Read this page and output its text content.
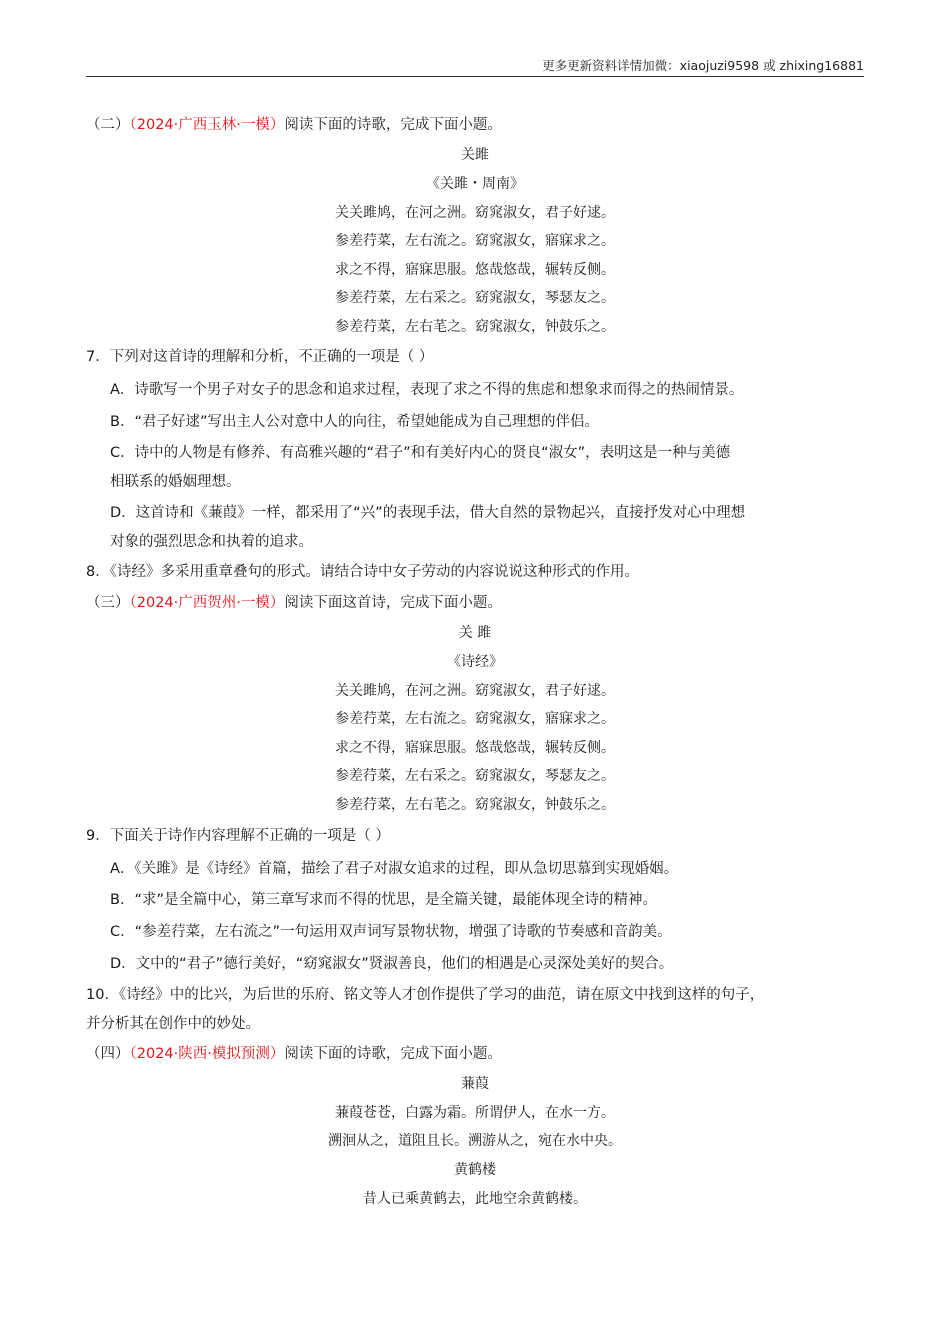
更多更新资料详情加微：xiaojuzi9598 或 zhixing16881
（二）（2024·广西玉林·一模）阅读下面的诗歌，完成下面小题。
关雎
《关雎・周南》
关关雎鸠，在河之洲。窈窕淑女，君子好逑。
参差荇菜，左右流之。窈窕淑女，寤寐求之。
求之不得，寤寐思服。悠哉悠哉，辗转反侧。
参差荇菜，左右采之。窈窕淑女，琴瑟友之。
参差荇菜，左右芼之。窈窕淑女，钟鼓乐之。
7．下列对这首诗的理解和分析，不正确的一项是（ ）
A．诗歌写一个男子对女子的思念和追求过程，表现了求之不得的焦虑和想象求而得之的热闹情景。
B．“君子好逑”写出主人公对意中人的向往，希望她能成为自己理想的伴侣。
C．诗中的人物是有修养、有高雅兴趣的“君子”和有美好内心的贤良“淑女”，表明这是一种与美德
相联系的婚姻理想。
D．这首诗和《蒹葭》一样，都采用了“兴”的表现手法，借大自然的景物起兴，直接抒发对心中理想
对象的强烈思念和执着的追求。
8．《诗经》多采用重章叠句的形式。请结合诗中女子劳动的内容说说这种形式的作用。
（三）（2024·广西贺州·一模）阅读下面这首诗，完成下面小题。
关 雎
《诗经》
关关雎鸠，在河之洲。窈窕淑女，君子好逑。
参差荇菜，左右流之。窈窕淑女，寤寐求之。
求之不得，寤寐思服。悠哉悠哉，辗转反侧。
参差荇菜，左右采之。窈窕淑女，琴瑟友之。
参差荇菜，左右芼之。窈窕淑女，钟鼓乐之。
9．下面关于诗作内容理解不正确的一项是（ ）
A．《关雎》是《诗经》首篇，描绘了君子对淑女追求的过程，即从急切思慕到实现婚姻。
B．“求”是全篇中心，第三章写求而不得的忧思，是全篇关键，最能体现全诗的精神。
C．“参差荇菜，左右流之”一句运用双声词写景物状物，增强了诗歌的节奏感和音韵美。
D．文中的“君子”德行美好，“窈窕淑女”贤淑善良，他们的相遇是心灵深处美好的契合。
10．《诗经》中的比兴，为后世的乐府、铭文等人才创作提供了学习的曲范，请在原文中找到这样的句子，
并分析其在创作中的妙处。
（四）（2024·陕西·模拟预测）阅读下面的诗歌，完成下面小题。
蒹葭
蒹葭苍苍，白露为霜。所谓伊人，在水一方。
溯洄从之，道阻且长。溯游从之，宛在水中央。
黄鹤楼
昔人已乘黄鹤去，此地空余黄鹤楼。
